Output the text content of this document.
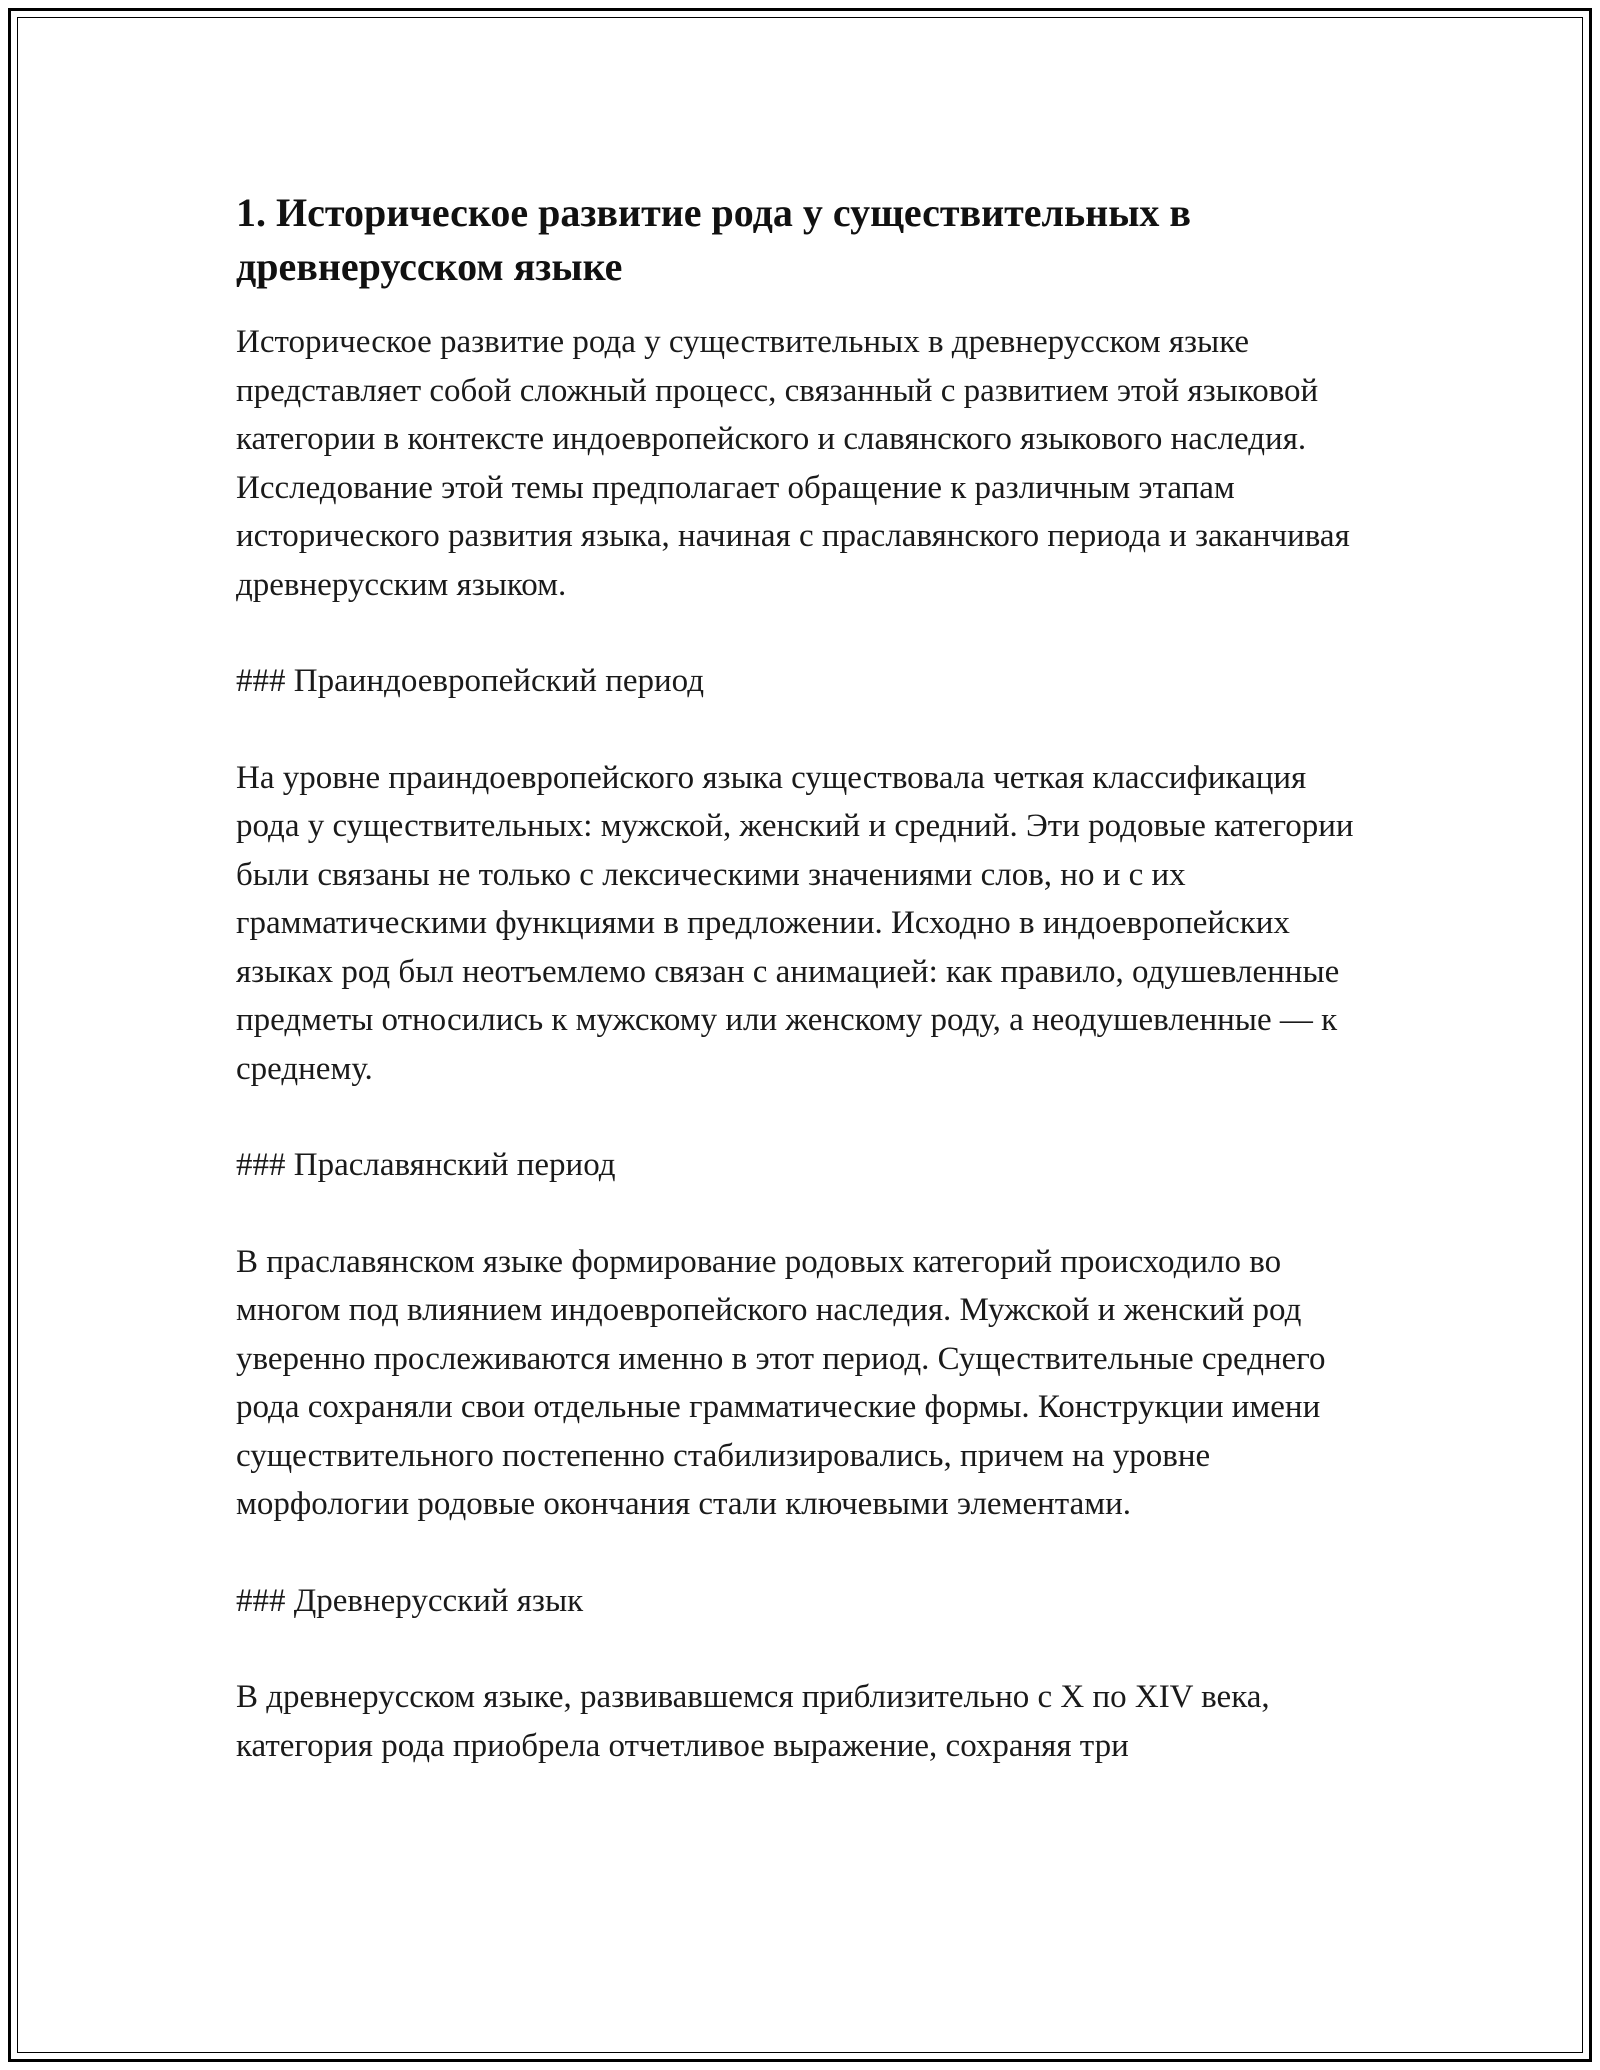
1. Историческое развитие рода у существительных в древнерусском языке

Историческое развитие рода у существительных в древнерусском языке представляет собой сложный процесс, связанный с развитием этой языковой категории в контексте индоевропейского и славянского языкового наследия. Исследование этой темы предполагает обращение к различным этапам исторического развития языка, начиная с праславянского периода и заканчивая древнерусским языком.

### Праиндоевропейский период

На уровне праиндоевропейского языка существовала четкая классификация рода у существительных: мужской, женский и средний. Эти родовые категории были связаны не только с лексическими значениями слов, но и с их грамматическими функциями в предложении. Исходно в индоевропейских языках род был неотъемлемо связан с анимацией: как правило, одушевленные предметы относились к мужскому или женскому роду, а неодушевленные — к среднему.

### Праславянский период

В праславянском языке формирование родовых категорий происходило во многом под влиянием индоевропейского наследия. Мужской и женский род уверенно прослеживаются именно в этот период. Существительные среднего рода сохраняли свои отдельные грамматические формы. Конструкции имени существительного постепенно стабилизировались, причем на уровне морфологии родовые окончания стали ключевыми элементами.

### Древнерусский язык

В древнерусском языке, развивавшемся приблизительно с X по XIV века, категория рода приобрела отчетливое выражение, сохраняя три
